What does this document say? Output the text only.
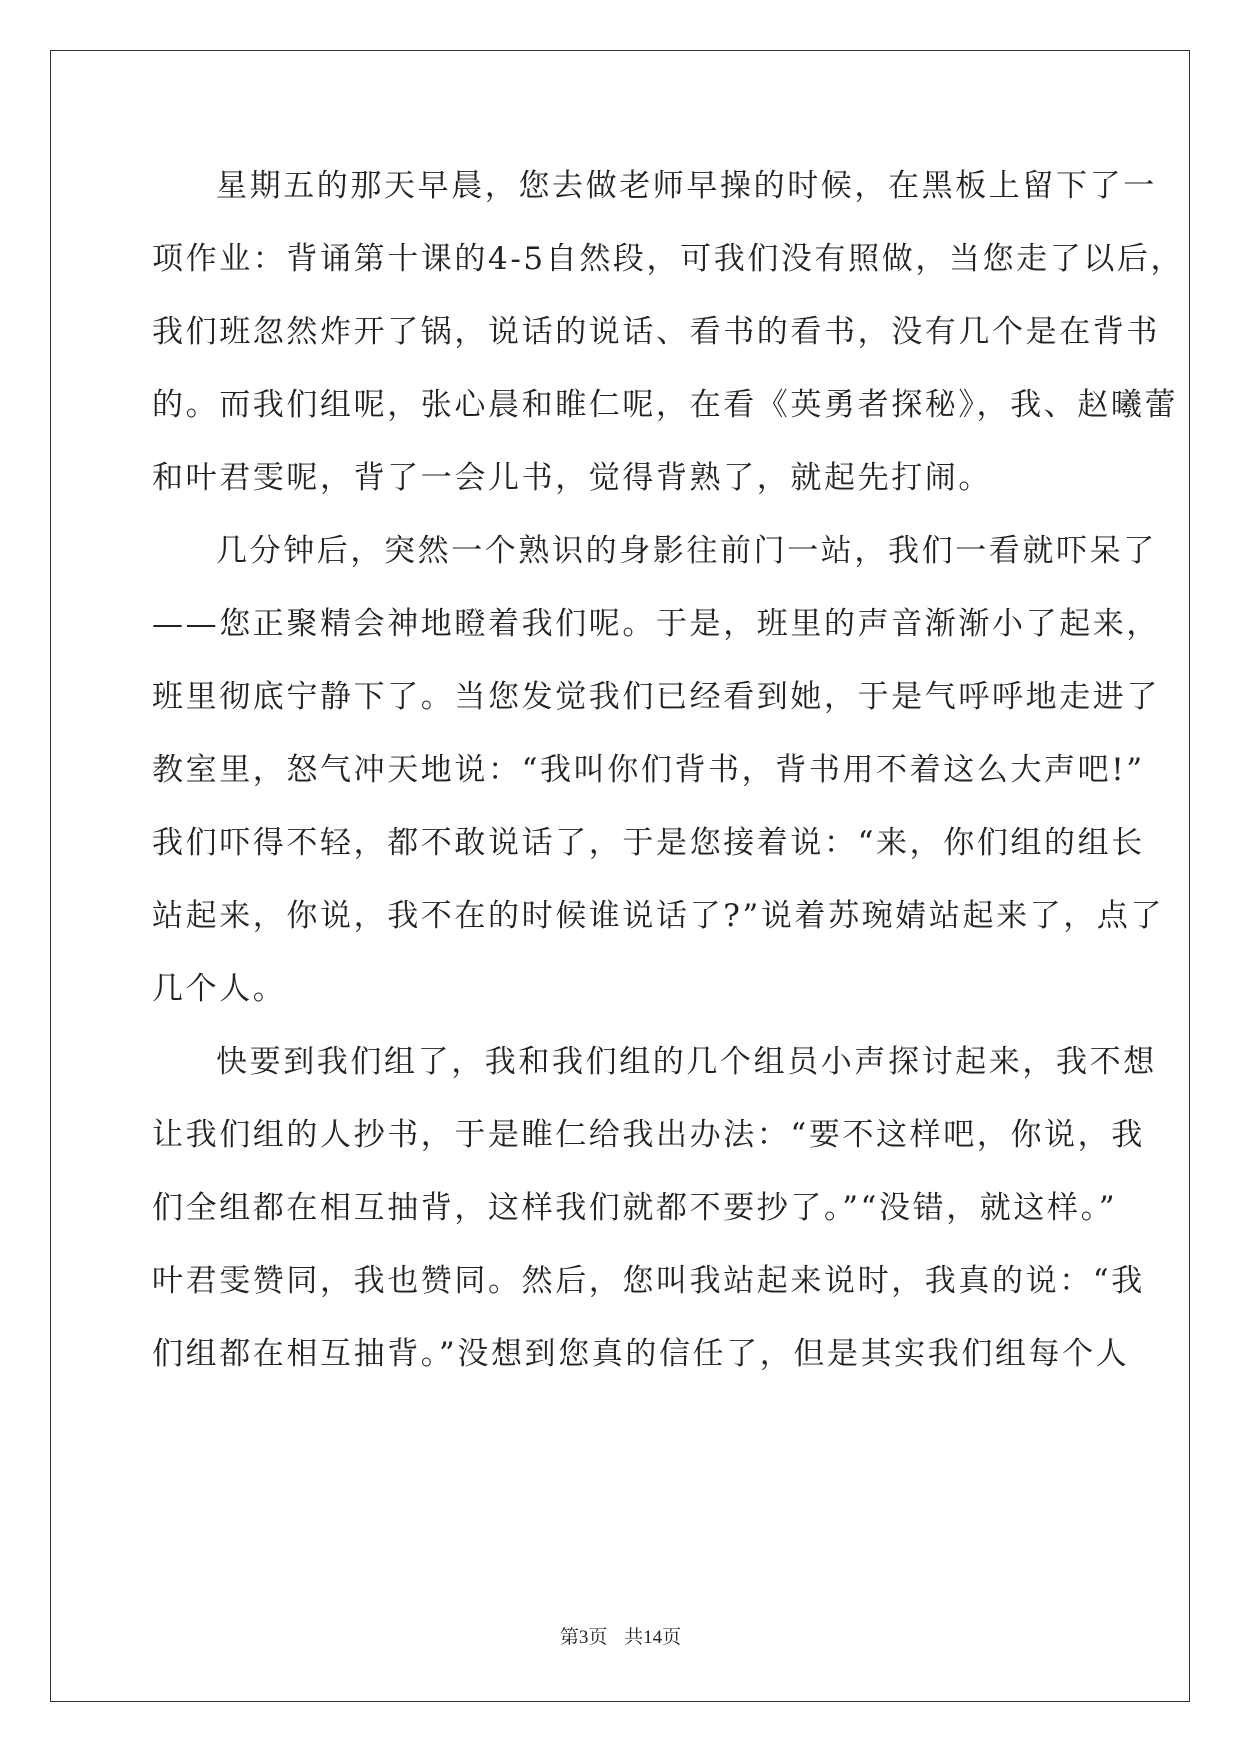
星期五的那天早晨，您去做老师早操的时候，在黑板上留下了一
项作业：背诵第十课的4-5自然段，可我们没有照做，当您走了以后，
我们班忽然炸开了锅，说话的说话、看书的看书，没有几个是在背书
的。而我们组呢，张心晨和睢仁呢，在看《英勇者探秘》，我、赵曦蕾
和叶君雯呢，背了一会儿书，觉得背熟了，就起先打闹。
几分钟后，突然一个熟识的身影往前门一站，我们一看就吓呆了
——您正聚精会神地瞪着我们呢。于是，班里的声音渐渐小了起来，
班里彻底宁静下了。当您发觉我们已经看到她，于是气呼呼地走进了
教室里，怒气冲天地说：“我叫你们背书，背书用不着这么大声吧!”
我们吓得不轻，都不敢说话了，于是您接着说：“来，你们组的组长
站起来，你说，我不在的时候谁说话了?”说着苏琬婧站起来了，点了
几个人。
快要到我们组了，我和我们组的几个组员小声探讨起来，我不想
让我们组的人抄书，于是睢仁给我出办法：“要不这样吧，你说，我
们全组都在相互抽背，这样我们就都不要抄了。”“没错，就这样。”
叶君雯赞同，我也赞同。然后，您叫我站起来说时，我真的说：“我
们组都在相互抽背。”没想到您真的信任了，但是其实我们组每个人
第3页 共14页
